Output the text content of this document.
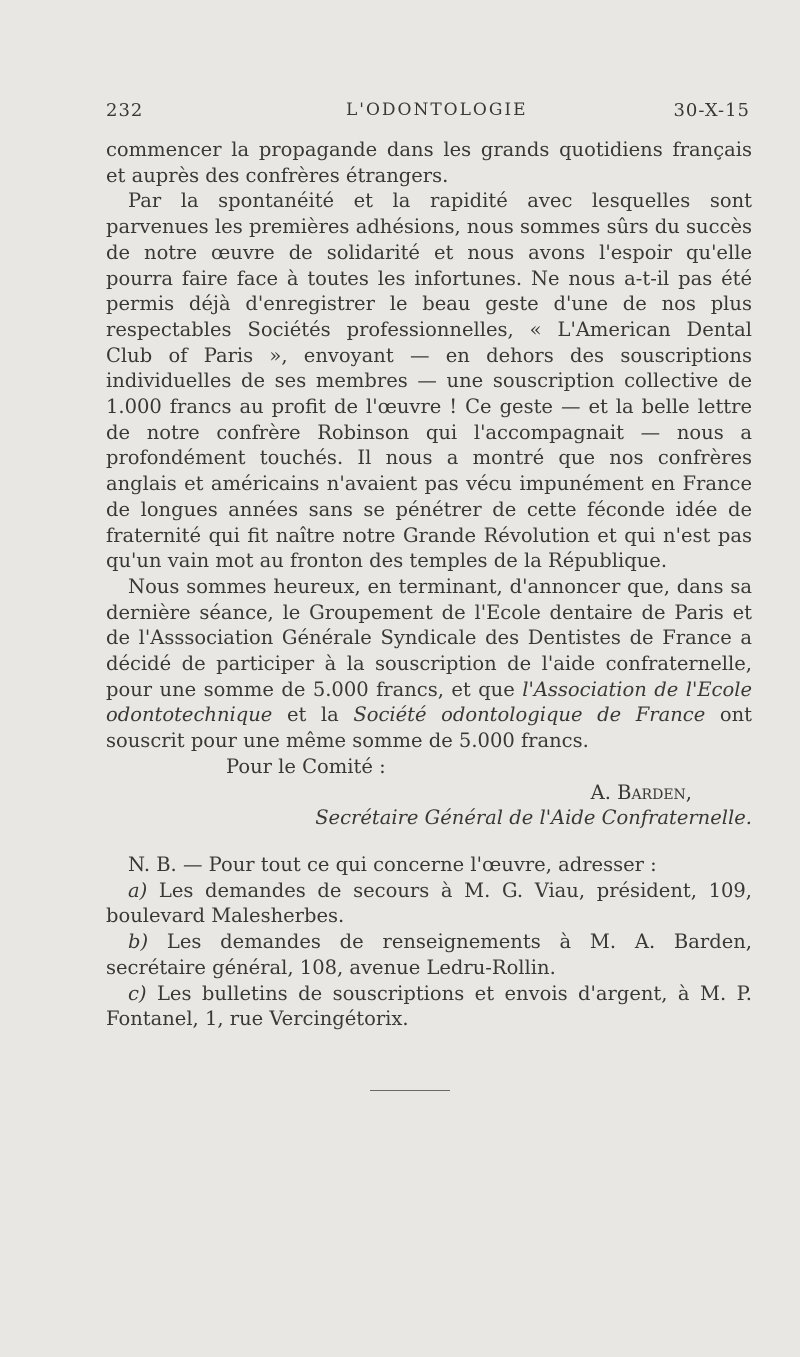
232	L'ODONTOLOGIE	30-X-15

commencer la propagande dans les grands quotidiens français et auprès des confrères étrangers.

Par la spontanéité et la rapidité avec lesquelles sont parvenues les premières adhésions, nous sommes sûrs du succès de notre œuvre de solidarité et nous avons l'espoir qu'elle pourra faire face à toutes les infortunes. Ne nous a-t-il pas été permis déjà d'enregistrer le beau geste d'une de nos plus respectables Sociétés professionnelles, « L'American Dental Club of Paris », envoyant — en dehors des souscriptions individuelles de ses membres — une souscription collective de 1.000 francs au profit de l'œuvre ! Ce geste — et la belle lettre de notre confrère Robinson qui l'accompagnait — nous a profondément touchés. Il nous a montré que nos confrères anglais et américains n'avaient pas vécu impunément en France de longues années sans se pénétrer de cette féconde idée de fraternité qui fit naître notre Grande Révolution et qui n'est pas qu'un vain mot au fronton des temples de la République.

Nous sommes heureux, en terminant, d'annoncer que, dans sa dernière séance, le Groupement de l'Ecole dentaire de Paris et de l'Asssociation Générale Syndicale des Dentistes de France a décidé de participer à la souscription de l'aide confraternelle, pour une somme de 5.000 francs, et que l'Association de l'Ecole odontotechnique et la Société odontologique de France ont souscrit pour une même somme de 5.000 francs.

Pour le Comité :

A. Barden,

Secrétaire Général de l'Aide Confraternelle.

N. B. — Pour tout ce qui concerne l'œuvre, adresser :

a) Les demandes de secours à M. G. Viau, président, 109, boulevard Malesherbes.

b) Les demandes de renseignements à M. A. Barden, secrétaire général, 108, avenue Ledru-Rollin.

c) Les bulletins de souscriptions et envois d'argent, à M. P. Fontanel, 1, rue Vercingétorix.
